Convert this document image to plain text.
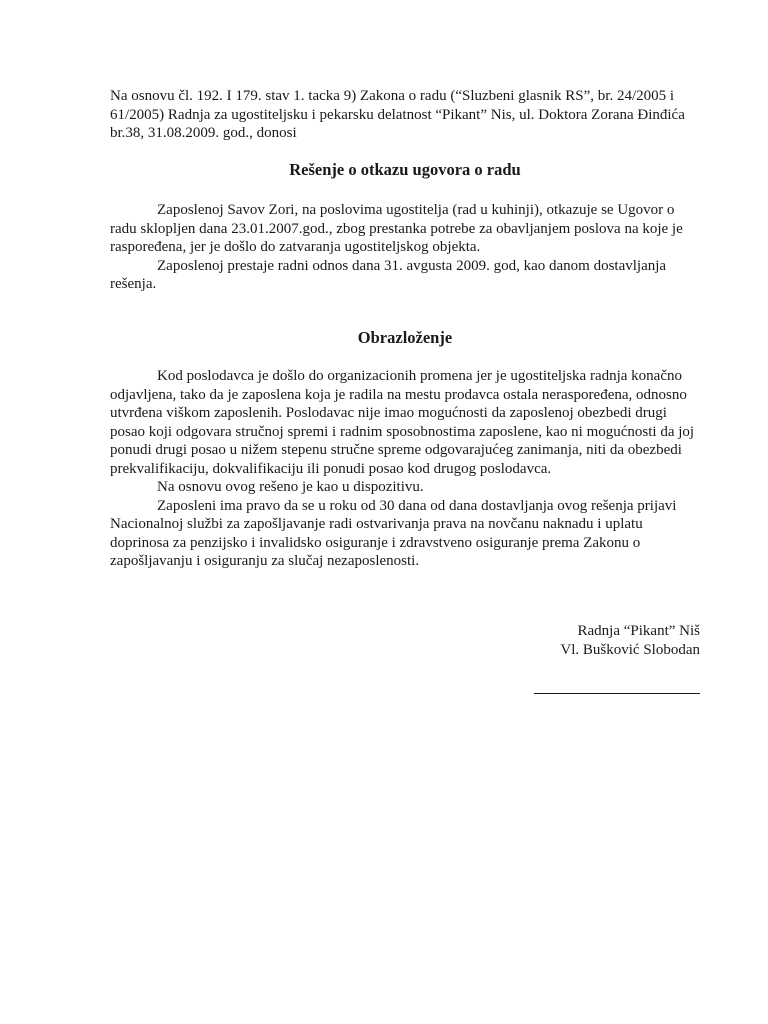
Na osnovu čl. 192. I 179. stav 1. tacka 9) Zakona o radu (“Sluzbeni glasnik RS”, br. 24/2005 i 61/2005) Radnja za ugostiteljsku i pekarsku delatnost “Pikant” Nis, ul. Doktora Zorana Đinđića br.38, 31.08.2009. god., donosi

Rešenje o otkazu ugovora o radu

Zaposlenoj Savov Zori, na poslovima ugostitelja (rad u kuhinji), otkazuje se Ugovor o radu sklopljen dana 23.01.2007.god., zbog prestanka potrebe za obavljanjem poslova na koje je raspoređena, jer je došlo do zatvaranja ugostiteljskog objekta.

Zaposlenoj prestaje radni odnos dana 31. avgusta 2009. god, kao danom dostavljanja rešenja.

Obrazloženje

Kod poslodavca je došlo do organizacionih promena jer je ugostiteljska radnja konačno odjavljena, tako da je zaposlena koja je radila na mestu prodavca ostala neraspoređena, odnosno utvrđena viškom zaposlenih. Poslodavac nije imao mogućnosti da zaposlenoj obezbedi drugi posao koji odgovara stručnoj spremi i radnim sposobnostima zaposlene, kao ni mogućnosti da joj ponudi drugi posao u nižem stepenu stručne spreme odgovarajućeg zanimanja, niti da obezbedi prekvalifikaciju, dokvalifikaciju ili ponudi posao kod drugog poslodavca.

Na osnovu ovog rešeno je kao u dispozitivu.

Zaposleni ima pravo da se u roku od 30 dana od dana dostavljanja ovog rešenja prijavi Nacionalnoj službi za zapošljavanje radi ostvarivanja prava na novčanu naknadu i uplatu doprinosa za penzijsko i invalidsko osiguranje i zdravstveno osiguranje prema Zakonu o zapošljavanju i osiguranju za slučaj nezaposlenosti.

Radnja “Pikant” Niš
Vl. Bušković Slobodan
